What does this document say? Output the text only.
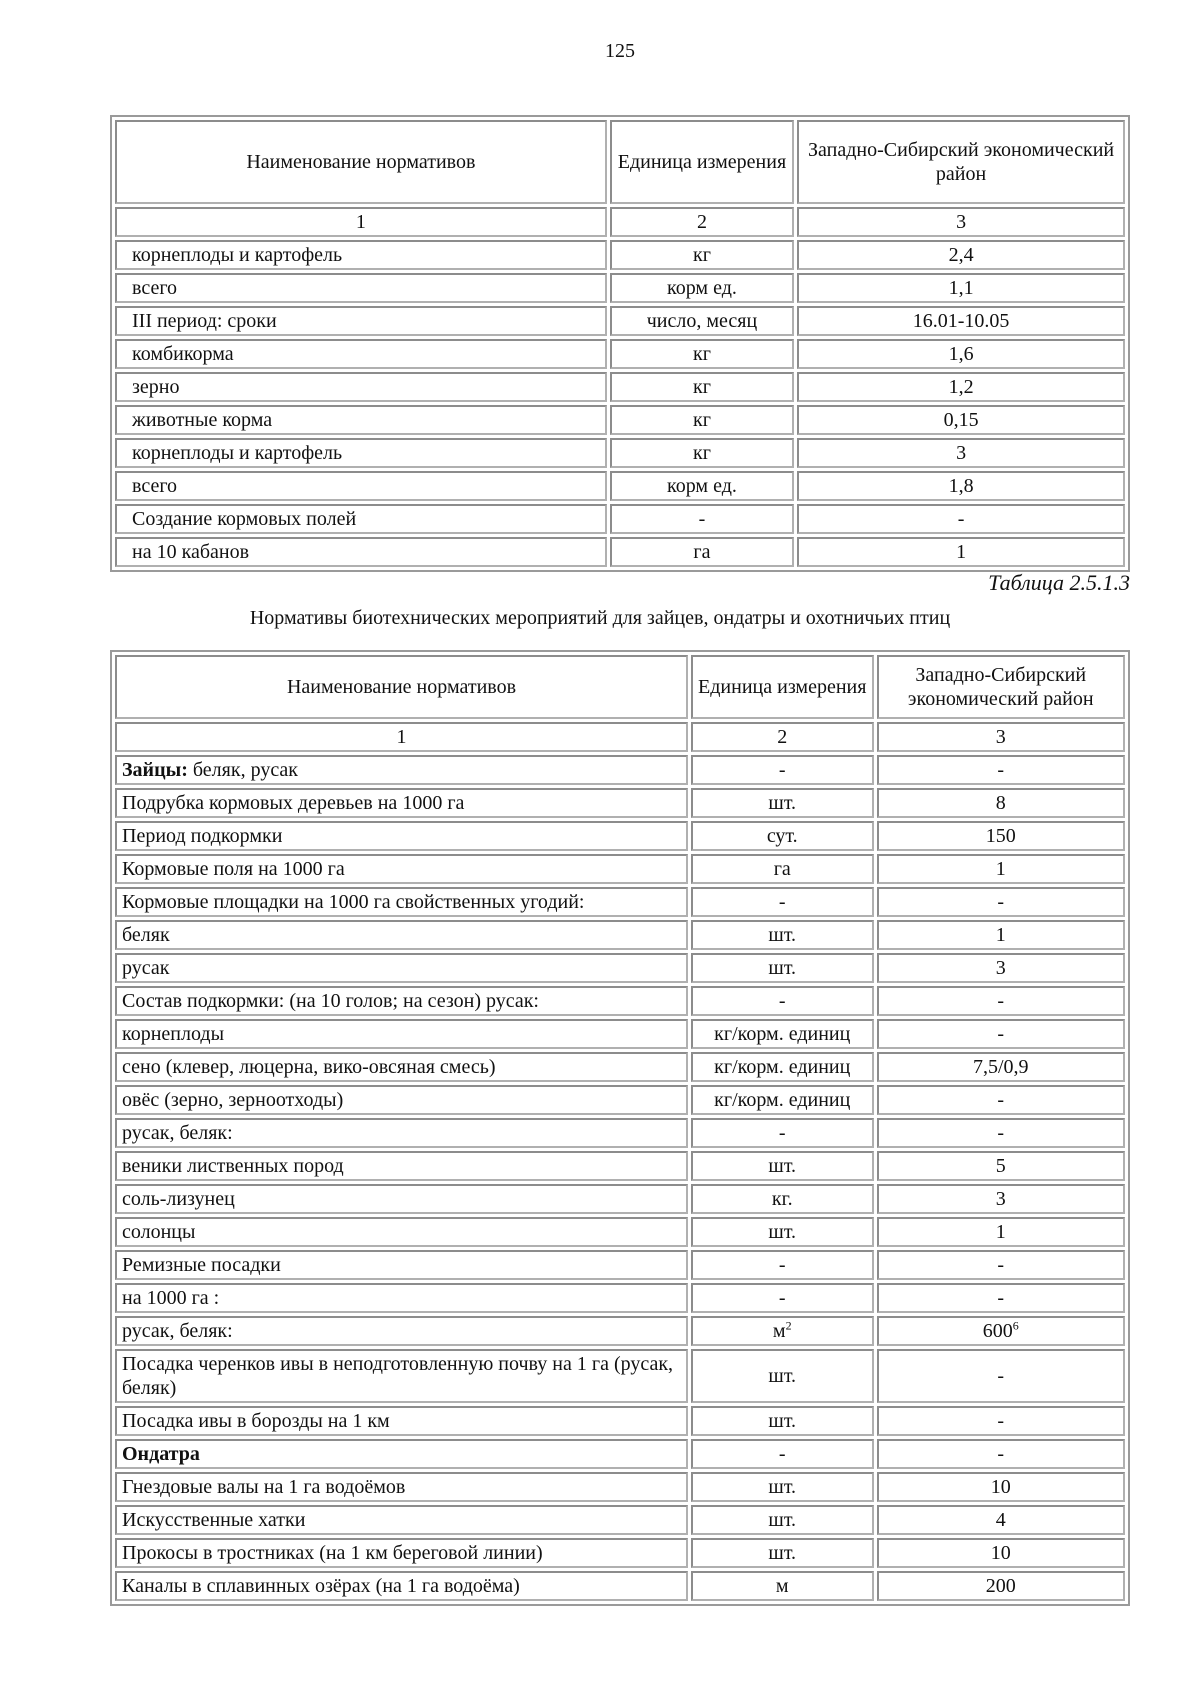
125
Наименование нормативов	Единица измерения	Западно-Сибирский экономический район
1	2	3
корнеплоды и картофель	кг	2,4
всего	корм ед.	1,1
III период: сроки	число, месяц	16.01-10.05
комбикорма	кг	1,6
зерно	кг	1,2
животные корма	кг	0,15
корнеплоды и картофель	кг	3
всего	корм ед.	1,8
Создание кормовых полей	-	-
на 10 кабанов	га	1
Таблица 2.5.1.3
Нормативы биотехнических мероприятий для зайцев, ондатры и охотничьих птиц
Наименование нормативов	Единица измерения	Западно-Сибирский экономический район
1	2	3
Зайцы: беляк, русак	-	-
Подрубка кормовых деревьев на 1000 га	шт.	8
Период подкормки	сут.	150
Кормовые поля на 1000 га	га	1
Кормовые площадки на 1000 га свойственных угодий:	-	-
беляк	шт.	1
русак	шт.	3
Состав подкормки: (на 10 голов; на сезон) русак:	-	-
корнеплоды	кг/корм. единиц	-
сено (клевер, люцерна, вико-овсяная смесь)	кг/корм. единиц	7,5/0,9
овёс (зерно, зерноотходы)	кг/корм. единиц	-
русак, беляк:	-	-
веники лиственных пород	шт.	5
соль-лизунец	кг.	3
солонцы	шт.	1
Ремизные посадки	-	-
на 1000 га :	-	-
русак, беляк:	$м^2$	$600^6$
Посадка черенков ивы в неподготовленную почву на 1 га (русак, беляк)	шт.	-
Посадка ивы в борозды на 1 км	шт.	-
Ондатра	-	-
Гнездовые валы на 1 га водоёмов	шт.	10
Искусственные хатки	шт.	4
Прокосы в тростниках (на 1 км береговой линии)	шт.	10
Каналы в сплавинных озёрах (на 1 га водоёма)	м	200
